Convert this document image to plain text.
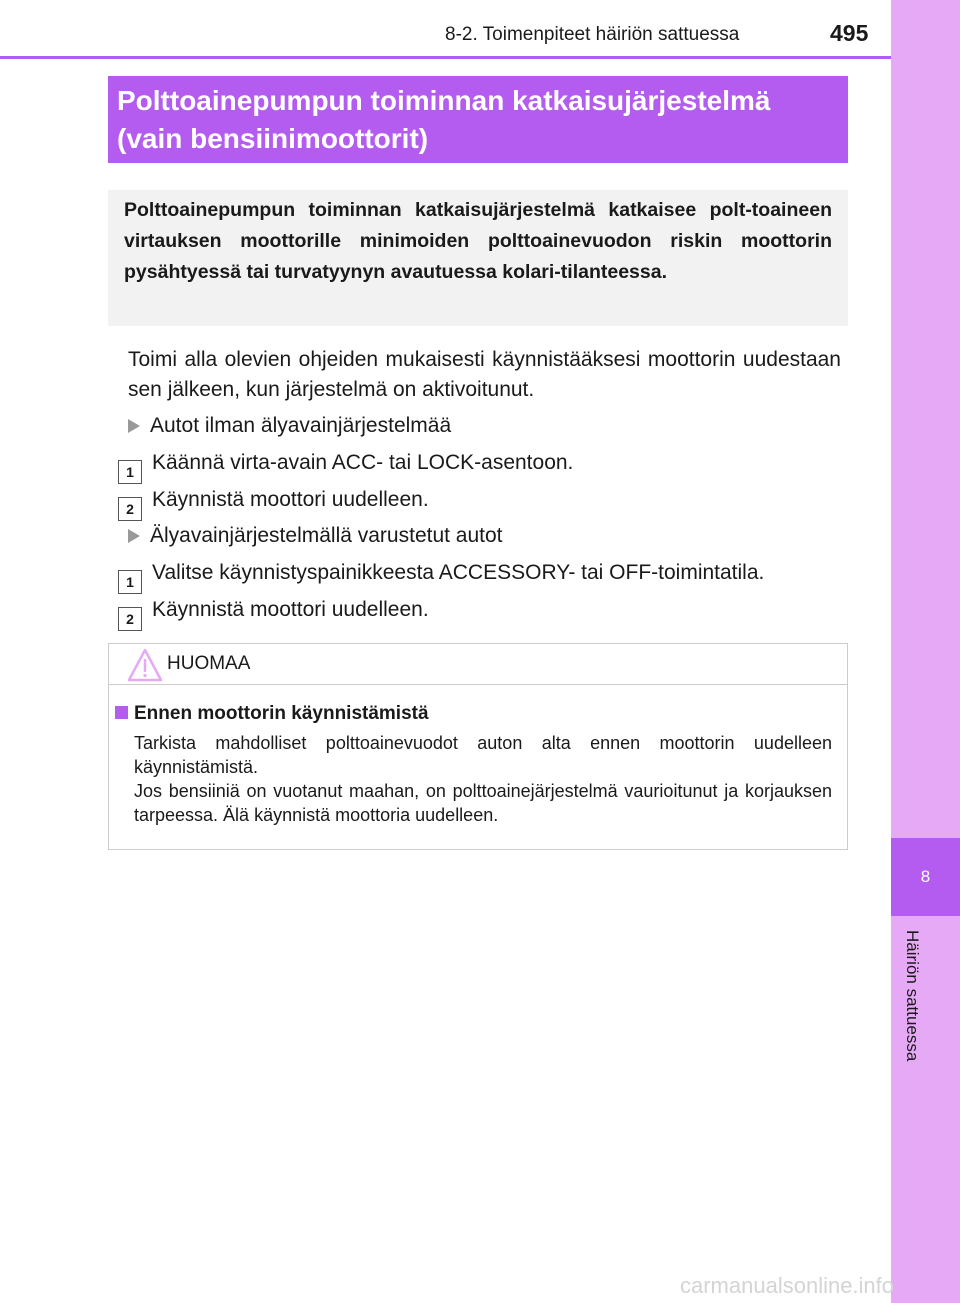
8
Häiriön sattuessa
8-2. Toimenpiteet häiriön sattuessa	495
Polttoainepumpun toiminnan katkaisujärjestelmä
(vain bensiinimoottorit)
Polttoainepumpun toiminnan katkaisujärjestelmä katkaisee polt-toaineen virtauksen moottorille minimoiden polttoainevuodon riskin moottorin pysähtyessä tai turvatyynyn avautuessa kolari-tilanteessa.
Toimi alla olevien ohjeiden mukaisesti käynnistääksesi moottorin uudestaan sen jälkeen, kun järjestelmä on aktivoitunut.
Autot ilman älyavainjärjestelmää
1 Käännä virta-avain ACC- tai LOCK-asentoon.
2 Käynnistä moottori uudelleen.
Älyavainjärjestelmällä varustetut autot
1 Valitse käynnistyspainikkeesta ACCESSORY- tai OFF-toimintatila.
2 Käynnistä moottori uudelleen.
HUOMAA
Ennen moottorin käynnistämistä
Tarkista mahdolliset polttoainevuodot auton alta ennen moottorin uudelleen käynnistämistä.
Jos bensiiniä on vuotanut maahan, on polttoainejärjestelmä vaurioitunut ja korjauksen tarpeessa. Älä käynnistä moottoria uudelleen.
carmanualsonline.info
